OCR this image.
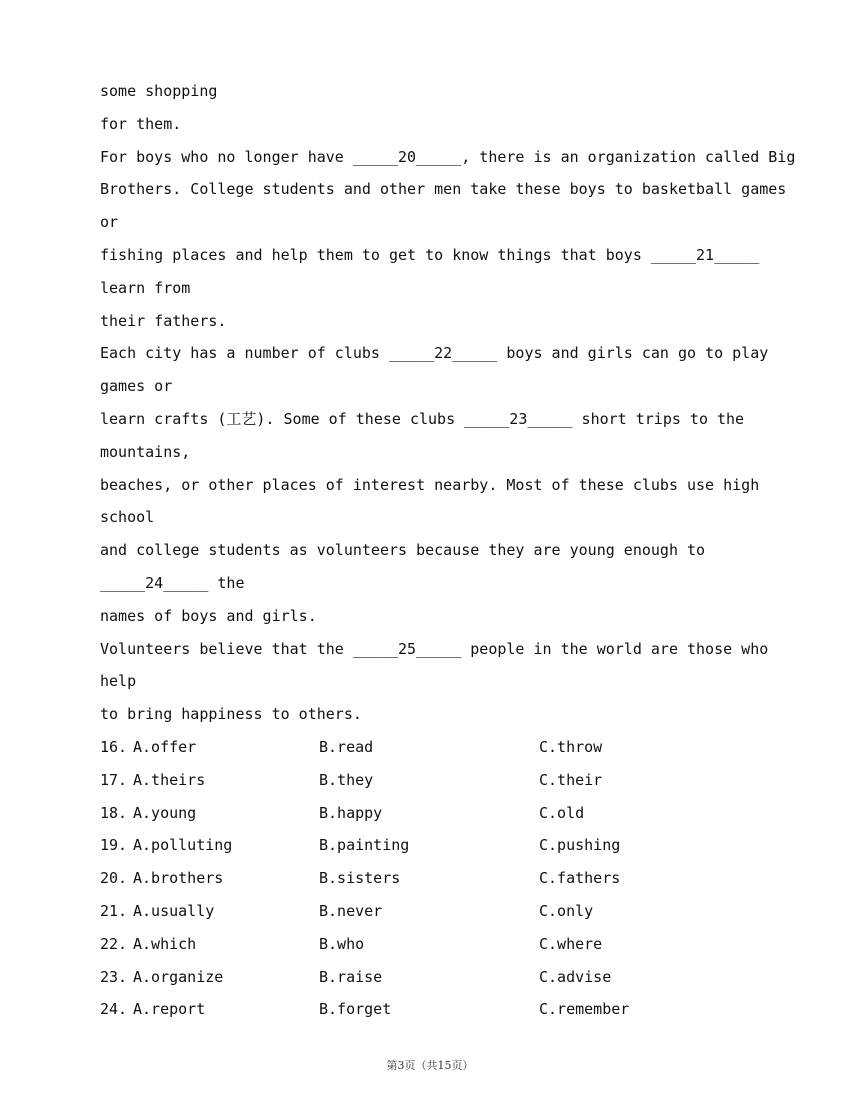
some shopping
for them.
For boys who no longer have _____20_____, there is an organization called Big
Brothers. College students and other men take these boys to basketball games
or
fishing places and help them to get to know things that boys _____21_____
learn from
their fathers.
Each city has a number of clubs _____22_____ boys and girls can go to play
games or
learn crafts (工艺). Some of these clubs _____23_____ short trips to the
mountains,
beaches, or other places of interest nearby. Most of these clubs use high
school
and college students as volunteers because they are young enough to
_____24_____ the
names of boys and girls.
Volunteers believe that the _____25_____ people in the world are those who
help
to bring happiness to others.
16. A.offer	B.read	C.throw
17. A.theirs	B.they	C.their
18. A.young	B.happy	C.old
19. A.polluting	B.painting	C.pushing
20. A.brothers	B.sisters	C.fathers
21. A.usually	B.never	C.only
22. A.which	B.who	C.where
23. A.organize	B.raise	C.advise
24. A.report	B.forget	C.remember
第3页（共15页）
